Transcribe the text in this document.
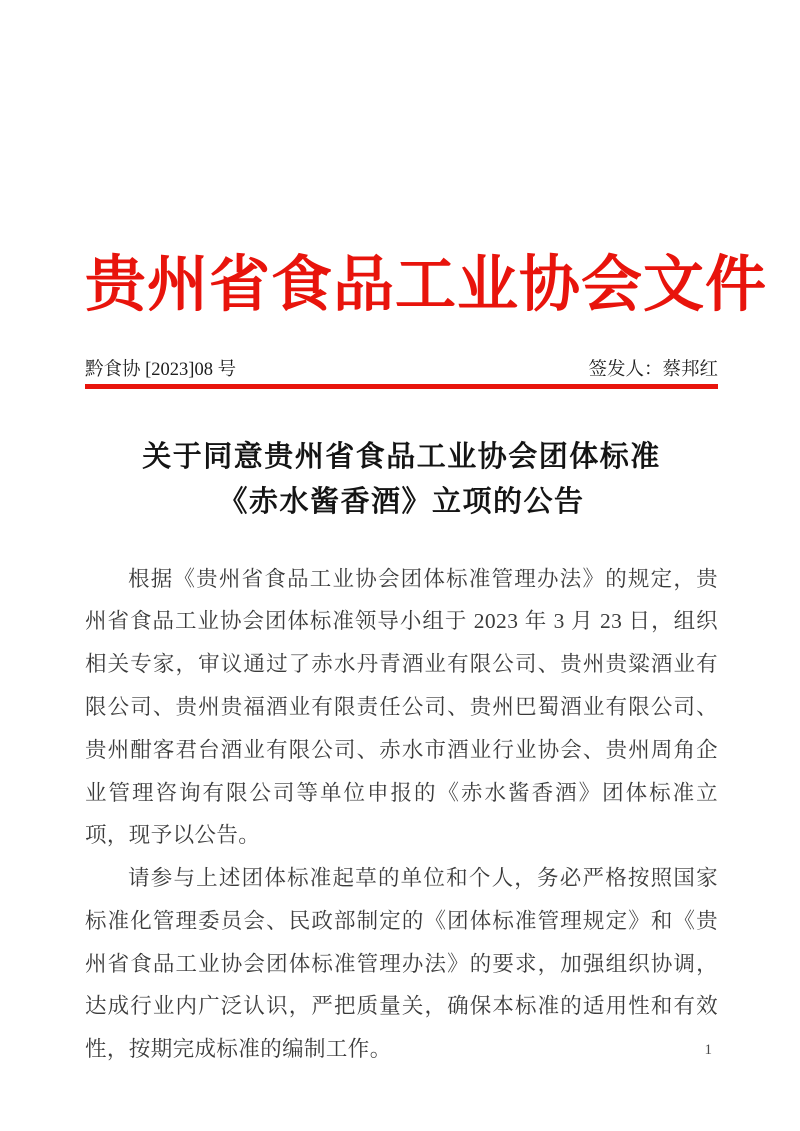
贵州省食品工业协会文件
黔食协 [2023]08 号	签发人：蔡邦红
关于同意贵州省食品工业协会团体标准
《赤水酱香酒》立项的公告

根据《贵州省食品工业协会团体标准管理办法》的规定，贵州省食品工业协会团体标准领导小组于 2023 年 3 月 23 日，组织相关专家，审议通过了赤水丹青酒业有限公司、贵州贵粱酒业有限公司、贵州贵福酒业有限责任公司、贵州巴蜀酒业有限公司、贵州酣客君台酒业有限公司、赤水市酒业行业协会、贵州周角企业管理咨询有限公司等单位申报的《赤水酱香酒》团体标准立项，现予以公告。

请参与上述团体标准起草的单位和个人，务必严格按照国家标准化管理委员会、民政部制定的《团体标准管理规定》和《贵州省食品工业协会团体标准管理办法》的要求，加强组织协调，达成行业内广泛认识，严把质量关，确保本标准的适用性和有效性，按期完成标准的编制工作。	1
